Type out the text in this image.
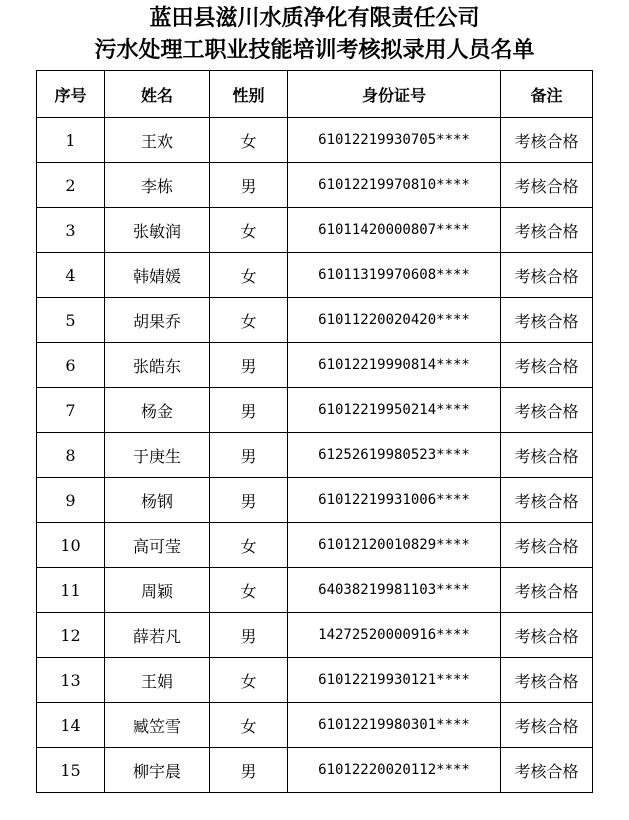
蓝田县滋川水质净化有限责任公司
污水处理工职业技能培训考核拟录用人员名单
序号	姓名	性别	身份证号	备注
1	王欢	女	61012219930705****	考核合格
2	李栋	男	61012219970810****	考核合格
3	张敏润	女	61011420000807****	考核合格
4	韩婧媛	女	61011319970608****	考核合格
5	胡果乔	女	61011220020420****	考核合格
6	张皓东	男	61012219990814****	考核合格
7	杨金	男	61012219950214****	考核合格
8	于庚生	男	61252619980523****	考核合格
9	杨钢	男	61012219931006****	考核合格
10	高可莹	女	61012120010829****	考核合格
11	周颖	女	64038219981103****	考核合格
12	薛若凡	男	14272520000916****	考核合格
13	王娟	女	61012219930121****	考核合格
14	臧笠雪	女	61012219980301****	考核合格
15	柳宇晨	男	61012220020112****	考核合格
